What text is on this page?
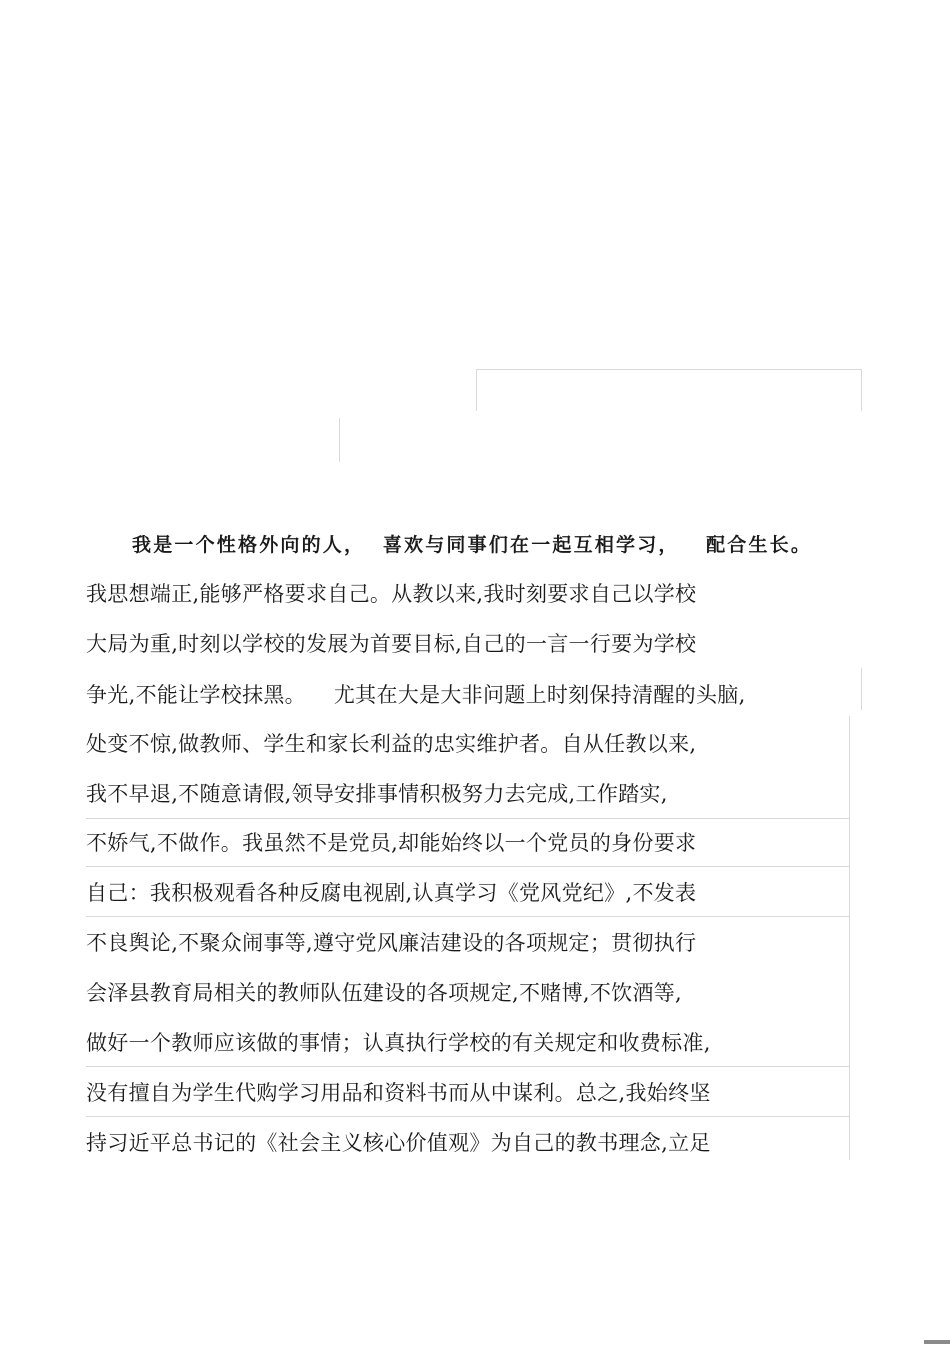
我是一个性格外向的人，  喜欢与同事们在一起互相学习，   配合生长。
我思想端正,能够严格要求自己。从教以来,我时刻要求自己以学校
大局为重,时刻以学校的发展为首要目标,自己的一言一行要为学校
争光,不能让学校抹黑。    尤其在大是大非问题上时刻保持清醒的头脑,
处变不惊,做教师、学生和家长利益的忠实维护者。自从任教以来,
我不早退,不随意请假,领导安排事情积极努力去完成,工作踏实,
不娇气,不做作。我虽然不是党员,却能始终以一个党员的身份要求
自己：我积极观看各种反腐电视剧,认真学习《党风党纪》,不发表
不良舆论,不聚众闹事等,遵守党风廉洁建设的各项规定；贯彻执行
会泽县教育局相关的教师队伍建设的各项规定,不赌博,不饮酒等,
做好一个教师应该做的事情；认真执行学校的有关规定和收费标准,
没有擅自为学生代购学习用品和资料书而从中谋利。总之,我始终坚
持习近平总书记的《社会主义核心价值观》为自己的教书理念,立足
